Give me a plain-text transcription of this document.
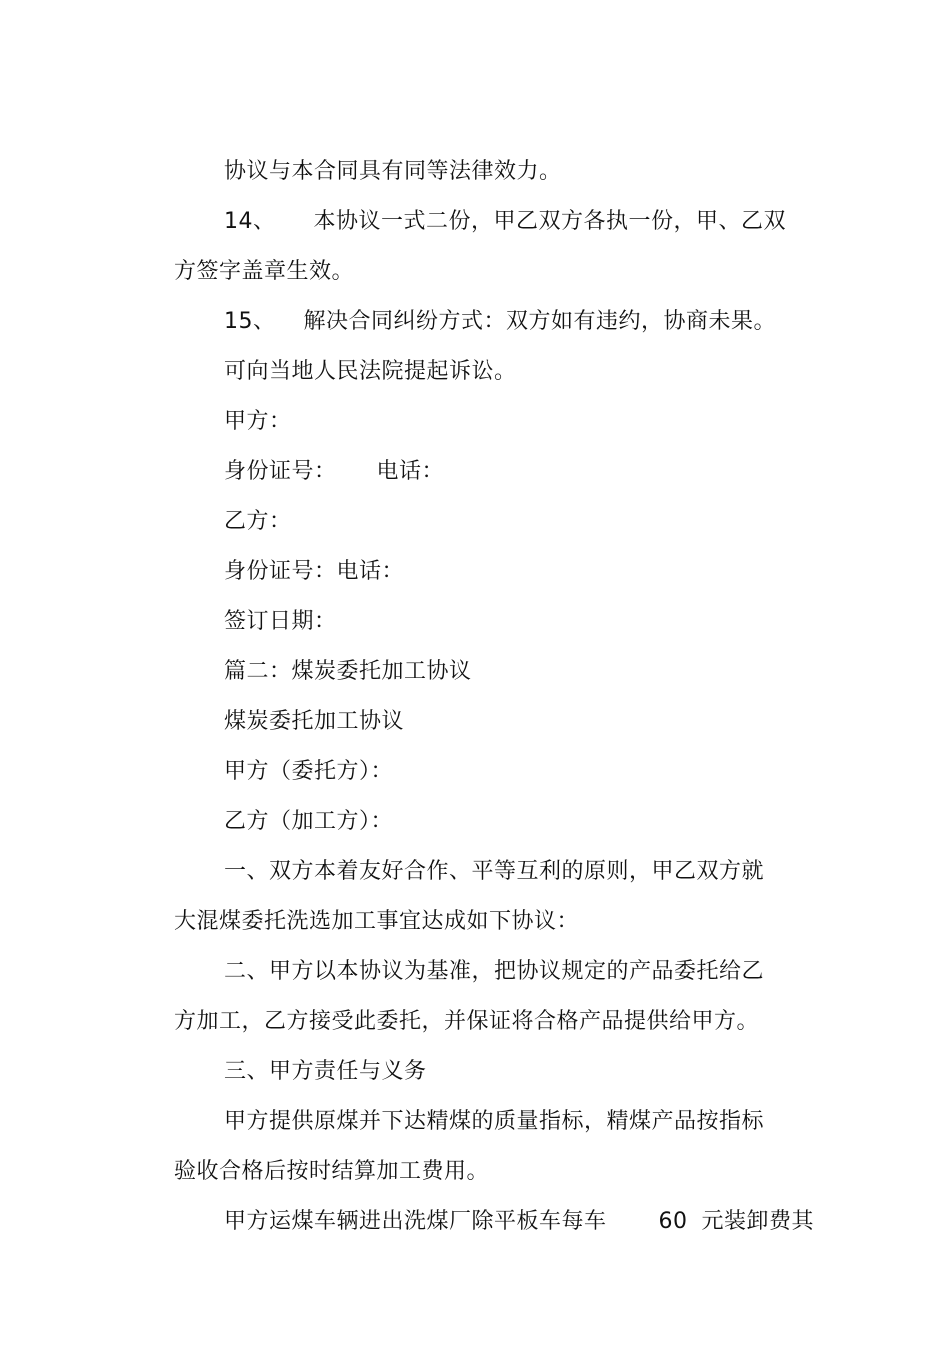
协议与本合同具有同等法律效力。

14、 本协议一式二份，甲乙双方各执一份，甲、乙双

方签字盖章生效。

15、 解决合同纠纷方式：双方如有违约，协商未果。

可向当地人民法院提起诉讼。

甲方：

身份证号： 电话：

乙方：

身份证号：电话：

签订日期：

篇二：煤炭委托加工协议

煤炭委托加工协议

甲方（委托方）：

乙方（加工方）：

一、双方本着友好合作、平等互利的原则，甲乙双方就

大混煤委托洗选加工事宜达成如下协议：

二、甲方以本协议为基准，把协议规定的产品委托给乙

方加工，乙方接受此委托，并保证将合格产品提供给甲方。

三、甲方责任与义务

甲方提供原煤并下达精煤的质量指标，精煤产品按指标

验收合格后按时结算加工费用。

甲方运煤车辆进出洗煤厂除平板车每车 60 元装卸费其
